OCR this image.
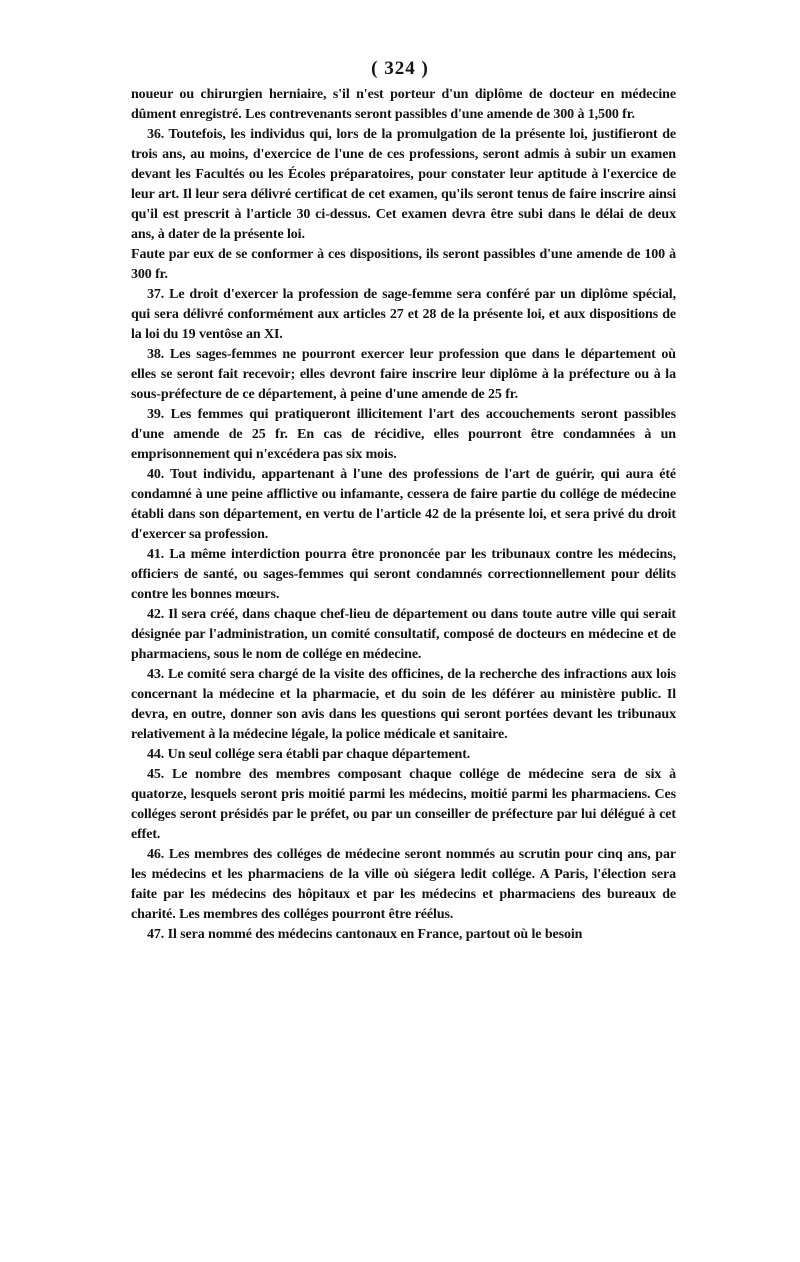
( 324 )

noueur ou chirurgien herniaire, s'il n'est porteur d'un diplôme de docteur en médecine dûment enregistré. Les contrevenants seront passibles d'une amende de 300 à 1,500 fr.

36. Toutefois, les individus qui, lors de la promulgation de la présente loi, justifieront de trois ans, au moins, d'exercice de l'une de ces professions, seront admis à subir un examen devant les Facultés ou les Écoles préparatoires, pour constater leur aptitude à l'exercice de leur art. Il leur sera délivré certificat de cet examen, qu'ils seront tenus de faire inscrire ainsi qu'il est prescrit à l'article 30 ci-dessus. Cet examen devra être subi dans le délai de deux ans, à dater de la présente loi.

Faute par eux de se conformer à ces dispositions, ils seront passibles d'une amende de 100 à 300 fr.

37. Le droit d'exercer la profession de sage-femme sera conféré par un diplôme spécial, qui sera délivré conformément aux articles 27 et 28 de la présente loi, et aux dispositions de la loi du 19 ventôse an XI.

38. Les sages-femmes ne pourront exercer leur profession que dans le département où elles se seront fait recevoir; elles devront faire inscrire leur diplôme à la préfecture ou à la sous-préfecture de ce département, à peine d'une amende de 25 fr.

39. Les femmes qui pratiqueront illicitement l'art des accouchements seront passibles d'une amende de 25 fr. En cas de récidive, elles pourront être condamnées à un emprisonnement qui n'excédera pas six mois.

40. Tout individu, appartenant à l'une des professions de l'art de guérir, qui aura été condamné à une peine afflictive ou infamante, cessera de faire partie du collége de médecine établi dans son département, en vertu de l'article 42 de la présente loi, et sera privé du droit d'exercer sa profession.

41. La même interdiction pourra être prononcée par les tribunaux contre les médecins, officiers de santé, ou sages-femmes qui seront condamnés correctionnellement pour délits contre les bonnes mœurs.

42. Il sera créé, dans chaque chef-lieu de département ou dans toute autre ville qui serait désignée par l'administration, un comité consultatif, composé de docteurs en médecine et de pharmaciens, sous le nom de collége en médecine.

43. Le comité sera chargé de la visite des officines, de la recherche des infractions aux lois concernant la médecine et la pharmacie, et du soin de les déférer au ministère public. Il devra, en outre, donner son avis dans les questions qui seront portées devant les tribunaux relativement à la médecine légale, la police médicale et sanitaire.

44. Un seul collége sera établi par chaque département.

45. Le nombre des membres composant chaque collége de médecine sera de six à quatorze, lesquels seront pris moitié parmi les médecins, moitié parmi les pharmaciens. Ces colléges seront présidés par le préfet, ou par un conseiller de préfecture par lui délégué à cet effet.

46. Les membres des colléges de médecine seront nommés au scrutin pour cinq ans, par les médecins et les pharmaciens de la ville où siégera ledit collége. A Paris, l'élection sera faite par les médecins des hôpitaux et par les médecins et pharmaciens des bureaux de charité. Les membres des colléges pourront être réélus.

47. Il sera nommé des médecins cantonaux en France, partout où le besoin
